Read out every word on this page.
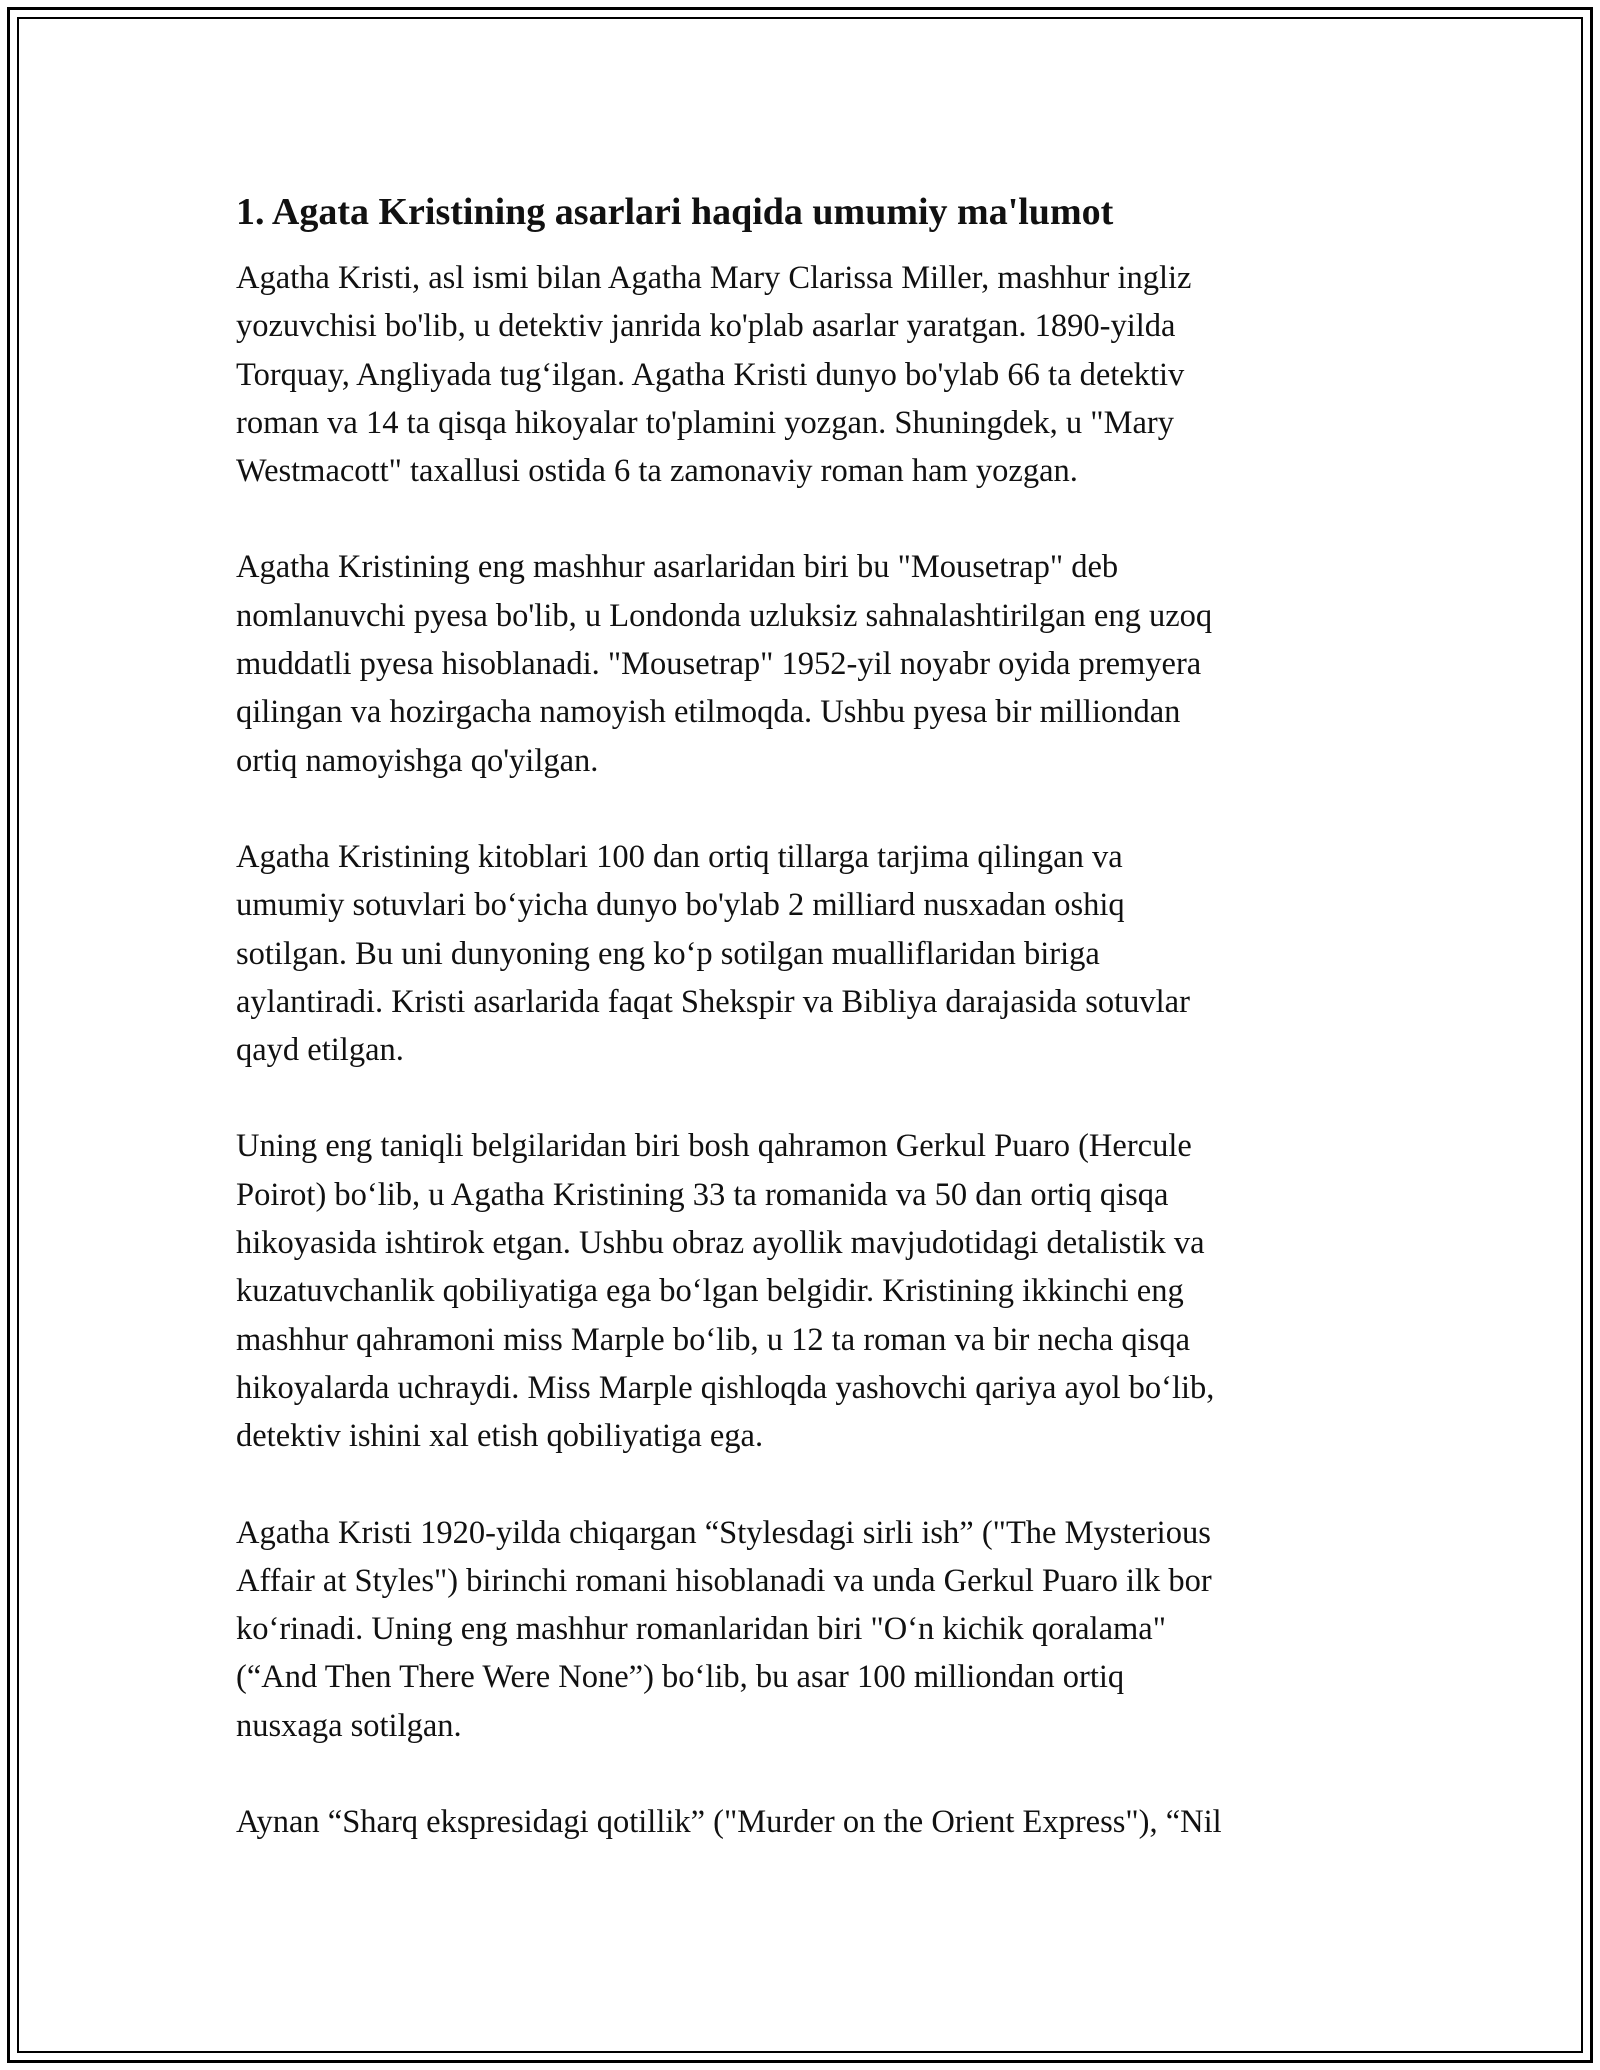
1. Agata Kristining asarlari haqida umumiy ma'lumot

Agatha Kristi, asl ismi bilan Agatha Mary Clarissa Miller, mashhur ingliz
yozuvchisi bo'lib, u detektiv janrida ko'plab asarlar yaratgan. 1890-yilda
Torquay, Angliyada tug‘ilgan. Agatha Kristi dunyo bo'ylab 66 ta detektiv
roman va 14 ta qisqa hikoyalar to'plamini yozgan. Shuningdek, u "Mary
Westmacott" taxallusi ostida 6 ta zamonaviy roman ham yozgan.

Agatha Kristining eng mashhur asarlaridan biri bu "Mousetrap" deb
nomlanuvchi pyesa bo'lib, u Londonda uzluksiz sahnalashtirilgan eng uzoq
muddatli pyesa hisoblanadi. "Mousetrap" 1952-yil noyabr oyida premyera
qilingan va hozirgacha namoyish etilmoqda. Ushbu pyesa bir milliondan
ortiq namoyishga qo'yilgan.

Agatha Kristining kitoblari 100 dan ortiq tillarga tarjima qilingan va
umumiy sotuvlari bo‘yicha dunyo bo'ylab 2 milliard nusxadan oshiq
sotilgan. Bu uni dunyoning eng ko‘p sotilgan mualliflaridan biriga
aylantiradi. Kristi asarlarida faqat Shekspir va Bibliya darajasida sotuvlar
qayd etilgan.

Uning eng taniqli belgilaridan biri bosh qahramon Gerkul Puaro (Hercule
Poirot) bo‘lib, u Agatha Kristining 33 ta romanida va 50 dan ortiq qisqa
hikoyasida ishtirok etgan. Ushbu obraz ayollik mavjudotidagi detalistik va
kuzatuvchanlik qobiliyatiga ega bo‘lgan belgidir. Kristining ikkinchi eng
mashhur qahramoni miss Marple bo‘lib, u 12 ta roman va bir necha qisqa
hikoyalarda uchraydi. Miss Marple qishloqda yashovchi qariya ayol bo‘lib,
detektiv ishini xal etish qobiliyatiga ega.

Agatha Kristi 1920-yilda chiqargan “Stylesdagi sirli ish” ("The Mysterious
Affair at Styles") birinchi romani hisoblanadi va unda Gerkul Puaro ilk bor
ko‘rinadi. Uning eng mashhur romanlaridan biri "O‘n kichik qoralama"
(“And Then There Were None”) bo‘lib, bu asar 100 milliondan ortiq
nusxaga sotilgan.

Aynan “Sharq ekspresidagi qotillik” ("Murder on the Orient Express"), “Nil
